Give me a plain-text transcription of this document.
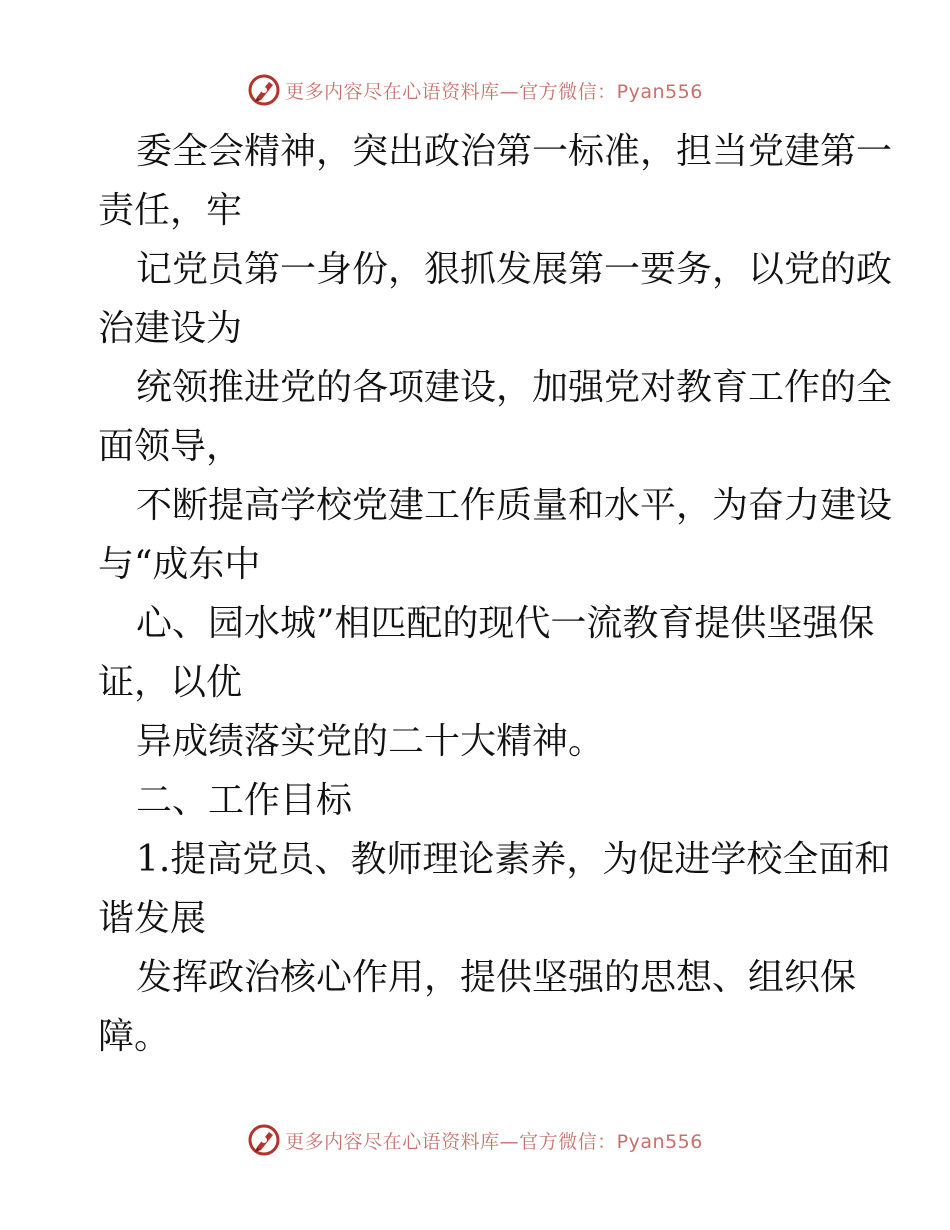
更多内容尽在心语资料库—官方微信：Pyan556
委全会精神，突出政治第一标准，担当党建第一
责任，牢
记党员第一身份，狠抓发展第一要务，以党的政
治建设为
统领推进党的各项建设，加强党对教育工作的全
面领导，
不断提高学校党建工作质量和水平，为奋力建设
与“成东中
心、园水城”相匹配的现代一流教育提供坚强保
证，以优
异成绩落实党的二十大精神。
二、工作目标
1.提高党员、教师理论素养，为促进学校全面和
谐发展
发挥政治核心作用，提供坚强的思想、组织保
障。
更多内容尽在心语资料库—官方微信：Pyan556
